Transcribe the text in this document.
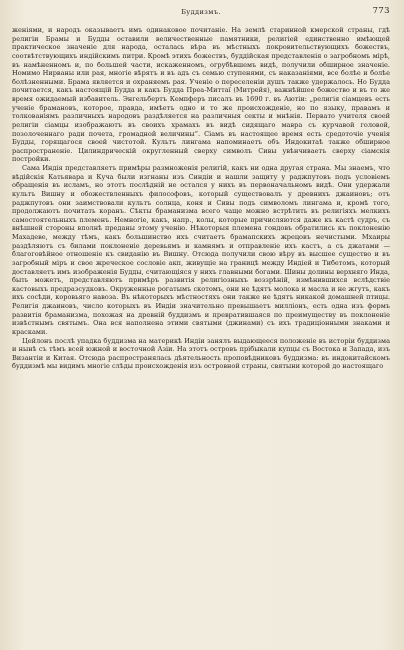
Буддизмъ.	773

женіями, и народъ оказываетъ имъ одинаковое почитаніе. На землѣ старинной кмерской страны, гдѣ религіи Брамы и Будды оставили величественные памятники, религіей единственно имѣющей практическое значеніе для народа, осталась вѣра въ мѣстныхъ покровительствующихъ божествъ, соотвѣтствующихъ индійскимъ питри. Кромѣ этихъ божествъ, буддійская представленія о загробномъ мірѣ, въ намѣненномъ и, по большей части, искаженномъ, огрубѣвшемъ видѣ, получили обширное значеніе. Номимо Нирваны или рая, многіе вѣрятъ и въ адъ съ семью ступенями, съ наказаніями, все болѣе и болѣе болѣзненными. Брама является и охраняемъ рая. Ученіе о переселеніи душъ также удержалось. Но Будда почитается, какъ настоящій Будда и какъ Будда Преа-Миттаї (Митрейя), важнѣйшее божество и въ то же время ожидаемый избавитель. Энгельбертъ Кемпферъ писалъ въ 1690 г. въ Аютіи: „религія сіамцевъ есть ученіе брамановъ, которое, правда, имѣетъ одно и то же происхожденіе, но по языку, правамъ и толкованіямъ различныхъ народовъ раздѣляется на различныя секты и мнѣнія. Первато учителя своей религіи сіамцы изображаютъ въ своихъ храмахъ въ видѣ сидящаго мавра съ курчавой головой, позолоченнаго ради почета, громадной величины“. Сіамъ въ настоящее время есть средоточіе ученія Будды, горящагося своей чистотой. Культъ лингама напоминаетъ объ Индокитаѣ также обширное распространеніе. Цилиндрическій округленный сверху символъ Сивы увѣнчиваетъ сверху сіамскія постройки.

Сама Индія представляетъ примѣры размноженія религій, какъ ни одна другая страна. Мы знаемъ, что вѣдійскія Катьявара и Куча были изгнаны изъ Синдіи и нашли защиту у раджпутовъ подъ условіемъ обращенія въ исламъ, но этотъ послѣдній не остался у нихъ въ первоначальномъ видѣ. Они удержали культъ Вишну и обожествленныхъ философовъ, который существовалъ у древнихъ джаиновъ; отъ раджпутовъ они заимствовали культъ солнца, коня и Сивы подъ символомъ лингама и, кромѣ того, продолжаютъ почитать коранъ. Сѣкты браманизма всего чаще можно встрѣтить въ религіяхъ мелкихъ самостоятельныхъ племенъ. Немногіе, какъ, напр., колы, которые причисляются даже къ кастѣ судръ, съ внѣшней стороны вполнѣ преданы этому ученію. Нѣкоторыя племена гондовъ обратились къ поклоненію Махадеве, между тѣмъ, какъ большинство ихъ считаетъ брамапскихъ жрецовъ нечистыми. Мхаиры раздѣляютъ съ билами поклоненіе деревьямъ и камнямъ и отправленіе ихъ кастъ, а съ джатами — благоговѣйное отношеніе къ свиданію въ Вишну. Отсюда получили свою вѣру въ высшее существо и въ загробный міръ и свое жреческое сословіе акп, живущіе на границѣ между Индіей и Тибетомъ, который доставляетъ имъ изображенія Будды, считающіяся у нихъ главными богами. Шины долины верхняго Инда, быть можетъ, представляютъ примѣръ развитія религіозныхъ воззрѣній, измѣнившихся вслѣдствіе кастовыхъ предразсудковъ. Окруженные рогатымъ скотомъ, они не ѣдятъ молока и масла и не жгутъ, какъ ихъ сосѣди, коровьяго навоза. Въ нѣкоторыхъ мѣстностяхъ они также не ѣдятъ никакой домашней птицы. Религія джаиновъ, число которыхъ въ Индіи значительно превышаетъ милліонъ, есть одна изъ формъ развитія браманизма, похожая на древній буддизмъ и превратившаяся по преимуществу въ поклоненіе извѣстнымъ святымъ. Она вся наполнена этими святыми (джинами) съ ихъ традиціонными знаками и красками.

Цейлонъ послѣ упадка буддизма на материкѣ Индіи занялъ выдающееся положеніе въ исторіи буддизма и нынѣ съ тѣмъ всей южной и восточной Азіи. На этотъ островъ прібыкали купцы съ Востока и Запада, изъ Византіи и Китая. Отсюда распространялась дѣятельность проповѣдниковъ буддизма: въ индокитайскомъ буддизмѣ мы видимъ многіе слѣды происхожденія изъ островной страны, святыни которой до настоящаго
